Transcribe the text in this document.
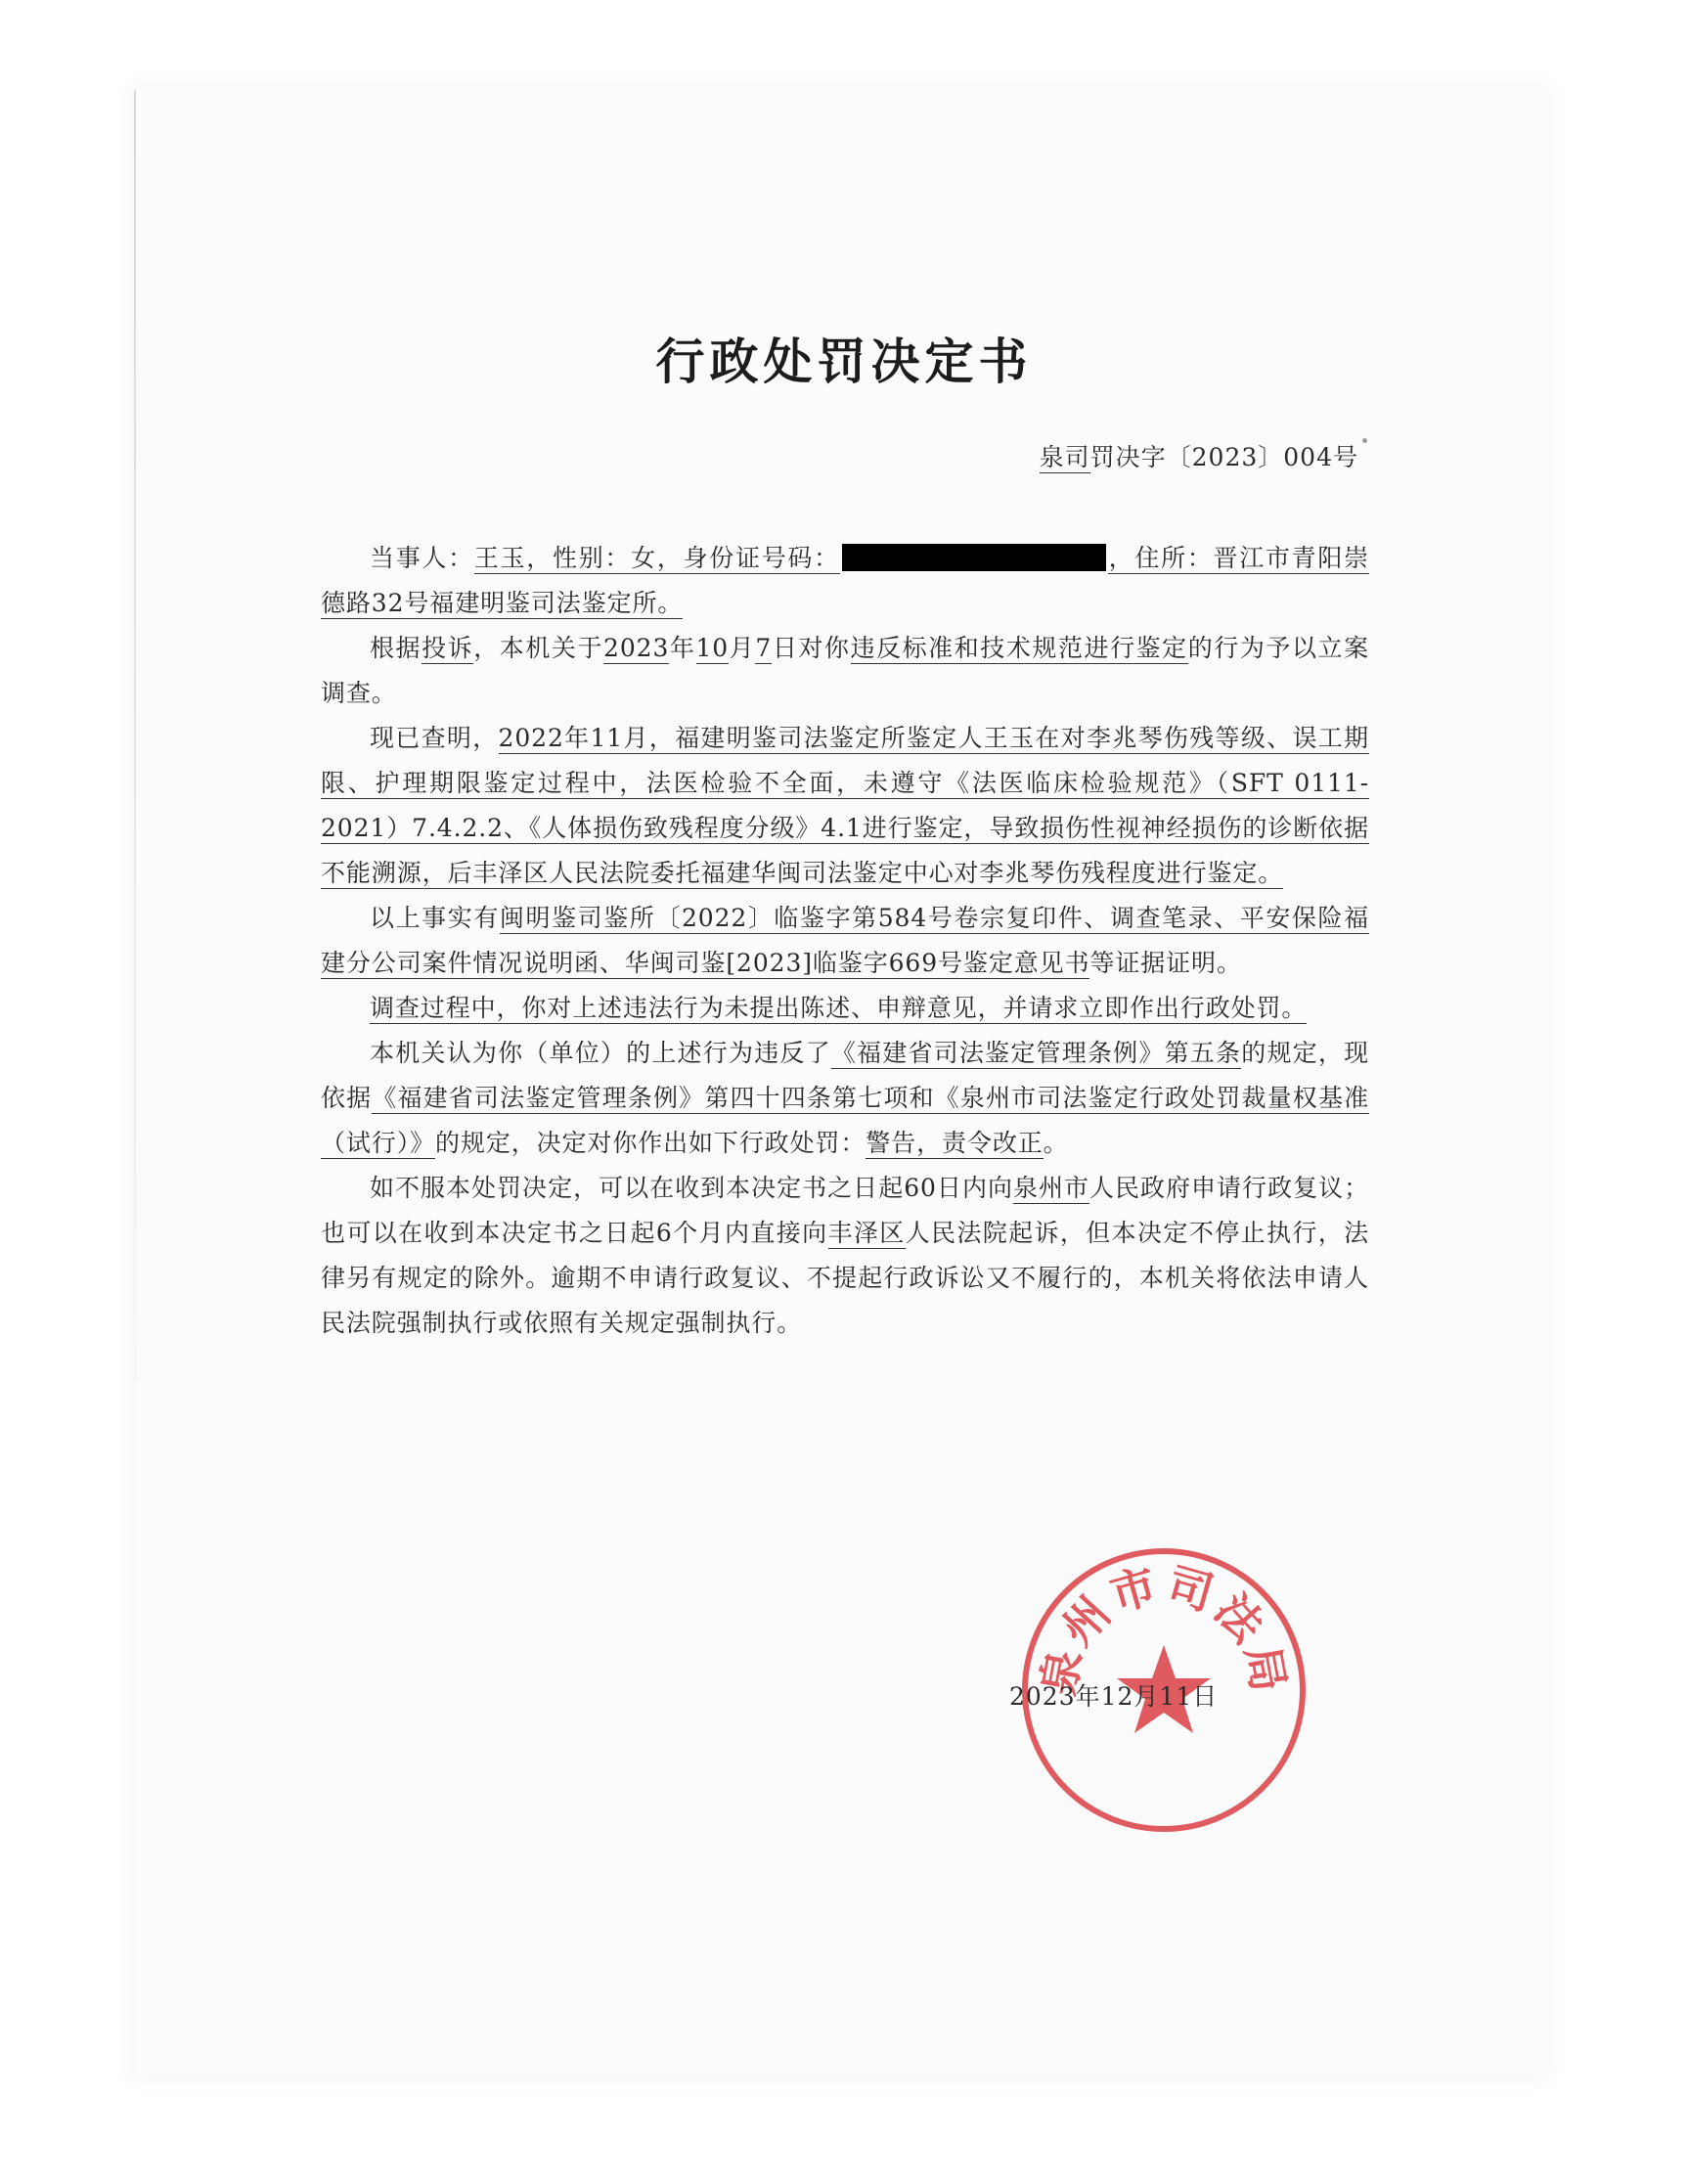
行政处罚决定书
泉司罚决字〔2023〕004号

当事人：王玉，性别：女，身份证号码：	，住所：晋江市青阳崇德路32号福建明鉴司法鉴定所。

根据投诉，本机关于2023年10月7日对你违反标准和技术规范进行鉴定的行为予以立案调查。

现已查明，2022年11月，福建明鉴司法鉴定所鉴定人王玉在对李兆琴伤残等级、误工期限、护理期限鉴定过程中，法医检验不全面，未遵守《法医临床检验规范》（SFT 0111-2021）7.4.2.2、《人体损伤致残程度分级》4.1进行鉴定，导致损伤性视神经损伤的诊断依据不能溯源，后丰泽区人民法院委托福建华闽司法鉴定中心对李兆琴伤残程度进行鉴定。

以上事实有闽明鉴司鉴所〔2022〕临鉴字第584号卷宗复印件、调查笔录、平安保险福建分公司案件情况说明函、华闽司鉴[2023]临鉴字669号鉴定意见书等证据证明。

调查过程中，你对上述违法行为未提出陈述、申辩意见，并请求立即作出行政处罚。

本机关认为你（单位）的上述行为违反了《福建省司法鉴定管理条例》第五条的规定，现依据《福建省司法鉴定管理条例》第四十四条第七项和《泉州市司法鉴定行政处罚裁量权基准（试行）》的规定，决定对你作出如下行政处罚：警告，责令改正。

如不服本处罚决定，可以在收到本决定书之日起60日内向泉州市人民政府申请行政复议；也可以在收到本决定书之日起6个月内直接向丰泽区人民法院起诉，但本决定不停止执行，法律另有规定的除外。逾期不申请行政复议、不提起行政诉讼又不履行的，本机关将依法申请人民法院强制执行或依照有关规定强制执行。

泉州市司法局
2023年12月11日
